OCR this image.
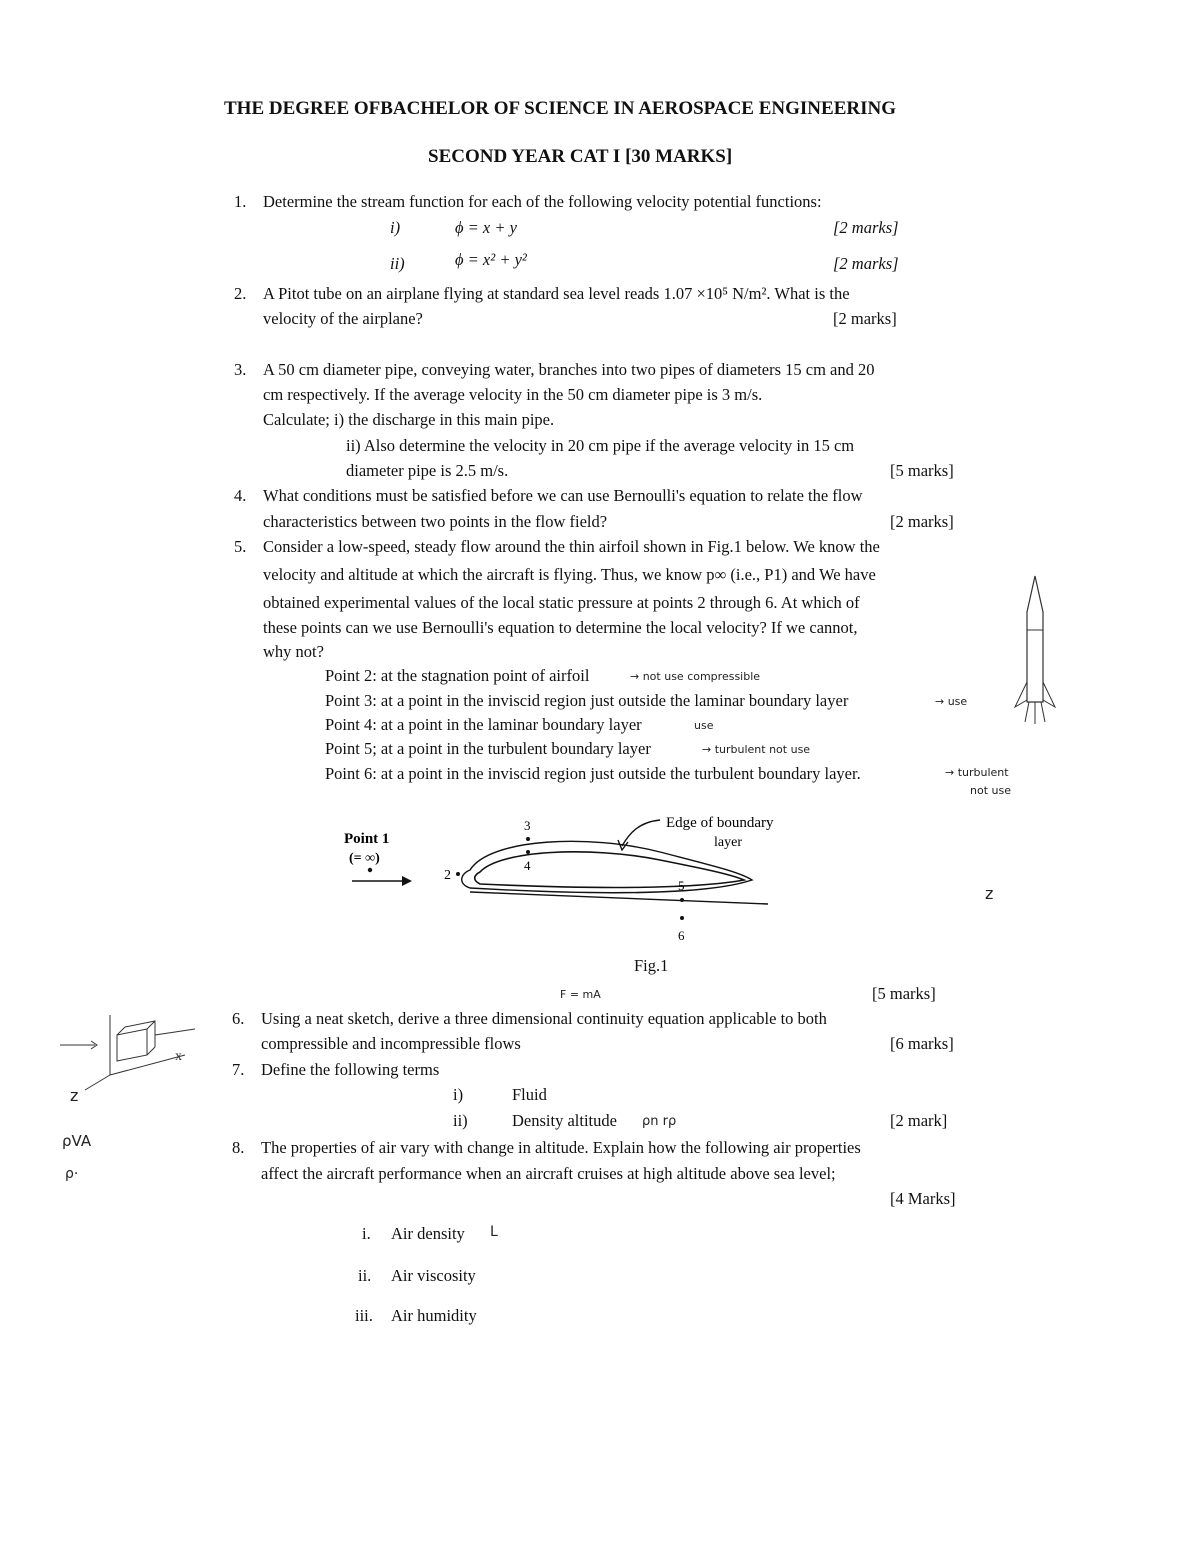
THE DEGREE OFBACHELOR OF SCIENCE IN AEROSPACE ENGINEERING
SECOND YEAR CAT I [30 MARKS]
1. Determine the stream function for each of the following velocity potential functions:
i)	ϕ = x + y	[2 marks]
ii)	ϕ = x² + y²	[2 marks]
2. A Pitot tube on an airplane flying at standard sea level reads 1.07 ×10⁵ N/m². What is the
velocity of the airplane?	[2 marks]
3. A 50 cm diameter pipe, conveying water, branches into two pipes of diameters 15 cm and 20
cm respectively. If the average velocity in the 50 cm diameter pipe is 3 m/s.
Calculate; i) the discharge in this main pipe.
ii) Also determine the velocity in 20 cm pipe if the average velocity in 15 cm
diameter pipe is 2.5 m/s.	[5 marks]
4. What conditions must be satisfied before we can use Bernoulli's equation to relate the flow
characteristics between two points in the flow field?	[2 marks]
5. Consider a low-speed, steady flow around the thin airfoil shown in Fig.1 below. We know the
velocity and altitude at which the aircraft is flying. Thus, we know p∞ (i.e., P1) and We have
obtained experimental values of the local static pressure at points 2 through 6. At which of
these points can we use Bernoulli's equation to determine the local velocity? If we cannot,
why not?
Point 2: at the stagnation point of airfoil	→ not use compressible
Point 3: at a point in the inviscid region just outside the laminar boundary layer	→ use
Point 4: at a point in the laminar boundary layer	use
Point 5; at a point in the turbulent boundary layer	→ turbulent not use
Point 6: at a point in the inviscid region just outside the turbulent boundary layer.	→ turbulent
not use
Point 1
(= ∞)
2
3
4
5
6
Edge of boundary
layer
z
Fig.1
F = mA	[5 marks]
6. Using a neat sketch, derive a three dimensional continuity equation applicable to both
compressible and incompressible flows	[6 marks]
x
z
ρVA
ρ·
7. Define the following terms
i)	Fluid
ii)	Density altitude ρn rρ	[2 mark]
8. The properties of air vary with change in altitude. Explain how the following air properties
affect the aircraft performance when an aircraft cruises at high altitude above sea level;
[4 Marks]
i. Air density L
ii. Air viscosity
iii. Air humidity
